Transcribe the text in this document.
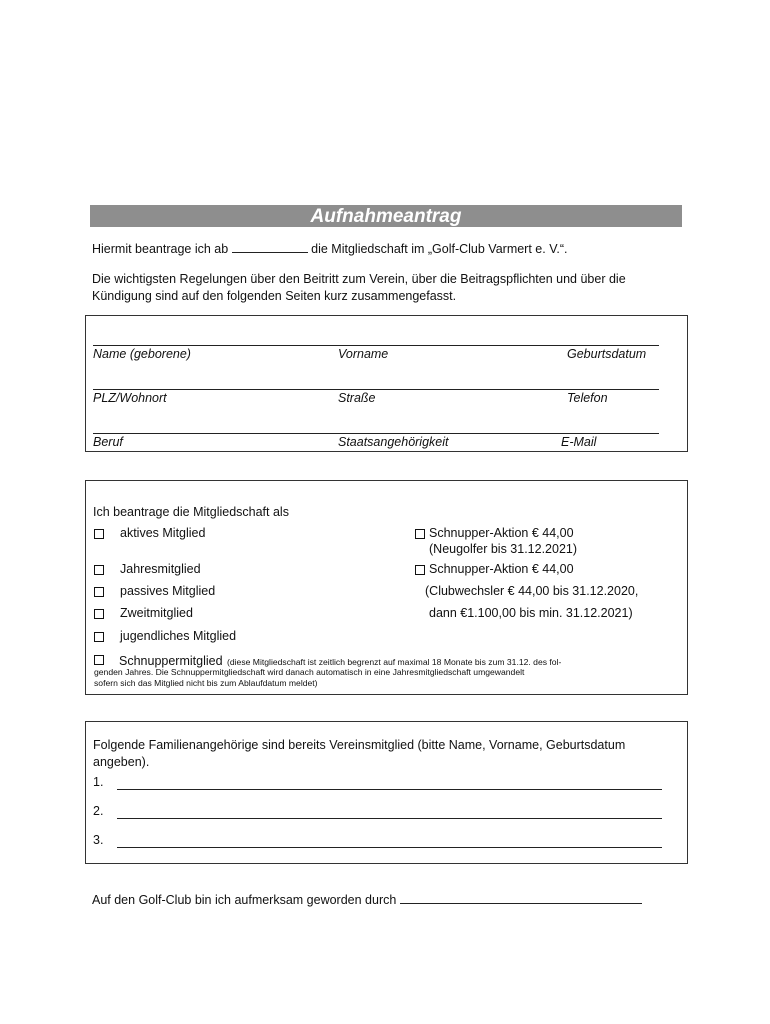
Aufnahmeantrag
Hiermit beantrage ich ab	die Mitgliedschaft im „Golf-Club Varmert e. V.“.
Die wichtigsten Regelungen über den Beitritt zum Verein, über die Beitragspflichten und über die Kündigung sind auf den folgenden Seiten kurz zusammengefasst.
Name (geborene)	Vorname	Geburtsdatum
PLZ/Wohnort	Straße	Telefon
Beruf	Staatsangehörigkeit	E-Mail
Ich beantrage die Mitgliedschaft als
aktives Mitglied
Jahresmitglied
passives Mitglied
Zweitmitglied
jugendliches Mitglied
Schnupper-Aktion € 44,00
(Neugolfer bis 31.12.2021)
Schnupper-Aktion € 44,00
(Clubwechsler € 44,00 bis 31.12.2020,
dann €1.100,00 bis min. 31.12.2021)
Schnuppermitglied (diese Mitgliedschaft ist zeitlich begrenzt auf maximal 18 Monate bis zum 31.12. des fol-
genden Jahres. Die Schnuppermitgliedschaft wird danach automatisch in eine Jahresmitgliedschaft umgewandelt
sofern sich das Mitglied nicht bis zum Ablaufdatum meldet)
Folgende Familienangehörige sind bereits Vereinsmitglied (bitte Name, Vorname, Geburtsdatum angeben).
1.
2.
3.
Auf den Golf-Club bin ich aufmerksam geworden durch
